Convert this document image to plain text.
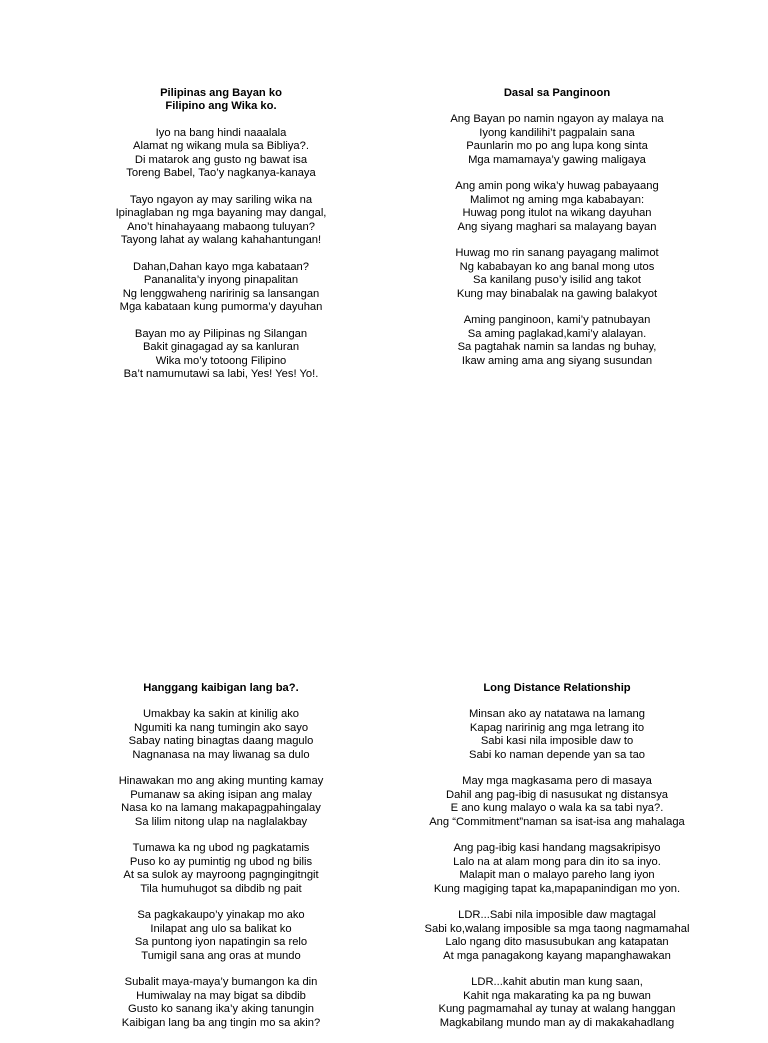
Pilipinas ang Bayan ko
Filipino ang Wika ko.
Iyo na bang hindi naaalala
Alamat ng wikang mula sa Bibliya?.
Di matarok ang gusto ng bawat isa
Toreng Babel, Tao’y nagkanya-kanaya
Tayo ngayon ay may sariling wika na
Ipinaglaban ng mga bayaning may dangal,
Ano’t hinahayaang mabaong tuluyan?
Tayong lahat ay walang kahahantungan!
Dahan,Dahan kayo mga kabataan?
Pananalita’y inyong pinapalitan
Ng lenggwaheng naririnig sa lansangan
Mga kabataan kung pumorma’y dayuhan
Bayan mo ay Pilipinas ng Silangan
Bakit ginagagad ay sa kanluran
Wika mo’y totoong Filipino
Ba’t namumutawi sa labi, Yes! Yes! Yo!.
Dasal sa Panginoon
Ang Bayan po namin ngayon ay malaya na
Iyong kandilihi’t pagpalain sana
Paunlarin mo po ang lupa kong sinta
Mga mamamaya’y gawing maligaya
Ang amin pong wika’y huwag pabayaang
Malimot ng aming mga kababayan:
Huwag pong itulot na wikang dayuhan
Ang siyang maghari sa malayang bayan
Huwag mo rin sanang payagang malimot
Ng kababayan ko ang banal mong utos
Sa kanilang puso’y isilid ang takot
Kung may binabalak na gawing balakyot
Aming panginoon, kami’y patnubayan
Sa aming paglakad,kami’y alalayan.
Sa pagtahak namin sa landas ng buhay,
Ikaw aming ama ang siyang susundan
Hanggang kaibigan lang ba?.
Umakbay ka sakin at kinilig ako
Ngumiti ka nang tumingin ako sayo
Sabay nating binagtas daang magulo
Nagnanasa na may liwanag sa dulo
Hinawakan mo ang aking munting kamay
Pumanaw sa aking isipan ang malay
Nasa ko na lamang makapagpahingalay
Sa lilim nitong ulap na naglalakbay
Tumawa ka ng ubod ng pagkatamis
Puso ko ay pumintig ng ubod ng bilis
At sa sulok ay mayroong pagngingitngit
Tila humuhugot sa dibdib ng pait
Sa pagkakaupo’y yinakap mo ako
Inilapat ang ulo sa balikat ko
Sa puntong iyon napatingin sa relo
Tumigil sana ang oras at mundo
Subalit maya-maya’y bumangon ka din
Humiwalay na may bigat sa dibdib
Gusto ko sanang ika’y aking tanungin
Kaibigan lang ba ang tingin mo sa akin?
Long Distance Relationship
Minsan ako ay natatawa na lamang
Kapag naririnig ang mga letrang ito
Sabi kasi nila imposible daw to
Sabi ko naman depende yan sa tao
May mga magkasama pero di masaya
Dahil ang pag-ibig di nasusukat ng distansya
E ano kung malayo o wala ka sa tabi nya?.
Ang “Commitment”naman sa isat-isa ang mahalaga
Ang pag-ibig kasi handang magsakripisyo
Lalo na at alam mong para din ito sa inyo.
Malapit man o malayo pareho lang iyon
Kung magiging tapat ka,mapapanindigan mo yon.
LDR...Sabi nila imposible daw magtagal
Sabi ko,walang imposible sa mga taong nagmamahal
Lalo ngang dito masusubukan ang katapatan
At mga panagakong kayang mapanghawakan
LDR...kahit abutin man kung saan,
Kahit nga makarating ka pa ng buwan
Kung pagmamahal ay tunay at walang hanggan
Magkabilang mundo man ay di makakahadlang
